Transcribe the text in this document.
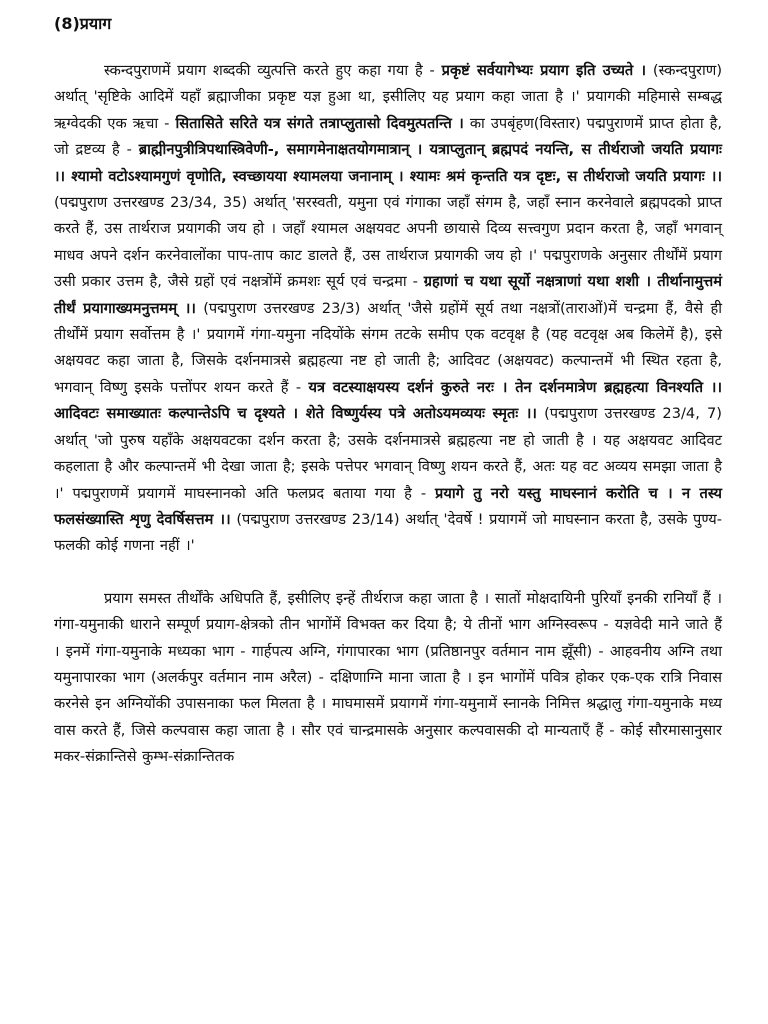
(8)प्रयाग

स्कन्दपुराणमें प्रयाग शब्दकी व्युत्पत्ति करते हुए कहा गया है - प्रकृष्टं सर्वयागेभ्यः प्रयाग इति उच्यते । (स्कन्दपुराण) अर्थात् 'सृष्टिके आदिमें यहाँ ब्रह्माजीका प्रकृष्ट यज्ञ हुआ था, इसीलिए यह प्रयाग कहा जाता है ।' प्रयागकी महिमासे सम्बद्ध ऋग्वेदकी एक ऋचा - सितासिते सरिते यत्र संगते तत्राप्लुतासो दिवमुत्पतन्ति । का उपबृंहण(विस्तार) पद्मपुराणमें प्राप्त होता है, जो द्रष्टव्य है - ब्राह्मीनपुत्रीत्रिपथास्त्रिवेणी-, समागमेनाक्षतयोगमात्रान् । यत्राप्लुतान् ब्रह्मपदं नयन्ति, स तीर्थराजो जयति प्रयागः ।। श्यामो वटोऽश्यामगुणं वृणोति, स्वच्छायया श्यामलया जनानाम् । श्यामः श्रमं कृन्तति यत्र दृष्टः, स तीर्थराजो जयति प्रयागः ।। (पद्मपुराण उत्तरखण्ड 23/34, 35) अर्थात् 'सरस्वती, यमुना एवं गंगाका जहाँ संगम है, जहाँ स्नान करनेवाले ब्रह्मपदको प्राप्त करते हैं, उस तार्थराज प्रयागकी जय हो । जहाँ श्यामल अक्षयवट अपनी छायासे दिव्य सत्त्वगुण प्रदान करता है, जहाँ भगवान् माधव अपने दर्शन करनेवालोंका पाप-ताप काट डालते हैं, उस तार्थराज प्रयागकी जय हो ।' पद्मपुराणके अनुसार तीर्थोंमें प्रयाग उसी प्रकार उत्तम है, जैसे ग्रहों एवं नक्षत्रोंमें क्रमशः सूर्य एवं चन्द्रमा - ग्रहाणां च यथा सूर्यो नक्षत्राणां यथा शशी । तीर्थानामुत्तमं तीर्थं प्रयागाख्यमनुत्तमम् ।। (पद्मपुराण उत्तरखण्ड 23/3) अर्थात् 'जैसे ग्रहोंमें सूर्य तथा नक्षत्रों(ताराओं)में चन्द्रमा हैं, वैसे ही तीर्थोंमें प्रयाग सर्वोत्तम है ।' प्रयागमें गंगा-यमुना नदियोंके संगम तटके समीप एक वटवृक्ष है (यह वटवृक्ष अब किलेमें है), इसे अक्षयवट कहा जाता है, जिसके दर्शनमात्रसे ब्रह्महत्या नष्ट हो जाती है; आदिवट (अक्षयवट) कल्पान्तमें भी स्थित रहता है, भगवान् विष्णु इसके पत्तोंपर शयन करते हैं - यत्र वटस्याक्षयस्य दर्शनं कुरुते नरः । तेन दर्शनमात्रेण ब्रह्महत्या विनश्यति ।। आदिवटः समाख्यातः कल्पान्तेऽपि च दृश्यते । शेते विष्णुर्यस्य पत्रे अतोऽयमव्ययः स्मृतः ।। (पद्मपुराण उत्तरखण्ड 23/4, 7) अर्थात् 'जो पुरुष यहाँके अक्षयवटका दर्शन करता है; उसके दर्शनमात्रसे ब्रह्महत्या नष्ट हो जाती है । यह अक्षयवट आदिवट कहलाता है और कल्पान्तमें भी देखा जाता है; इसके पत्तेपर भगवान् विष्णु शयन करते हैं, अतः यह वट अव्यय समझा जाता है ।' पद्मपुराणमें प्रयागमें माघस्नानको अति फलप्रद बताया गया है - प्रयागे तु नरो यस्तु माघस्नानं करोति च । न तस्य फलसंख्यास्ति शृणु देवर्षिसत्तम ।। (पद्मपुराण उत्तरखण्ड 23/14) अर्थात् 'देवर्षे ! प्रयागमें जो माघस्नान करता है, उसके पुण्य-फलकी कोई गणना नहीं ।'

प्रयाग समस्त तीर्थोंके अधिपति हैं, इसीलिए इन्हें तीर्थराज कहा जाता है । सातों मोक्षदायिनी पुरियाँ इनकी रानियाँ हैं । गंगा-यमुनाकी धाराने सम्पूर्ण प्रयाग-क्षेत्रको तीन भागोंमें विभक्त कर दिया है; ये तीनों भाग अग्निस्वरूप - यज्ञवेदी माने जाते हैं । इनमें गंगा-यमुनाके मध्यका भाग - गार्हपत्य अग्नि, गंगापारका भाग (प्रतिष्ठानपुर वर्तमान नाम झूँसी) - आहवनीय अग्नि तथा यमुनापारका भाग (अलर्कपुर वर्तमान नाम अरैल) - दक्षिणाग्नि माना जाता है । इन भागोंमें पवित्र होकर एक-एक रात्रि निवास करनेसे इन अग्नियोंकी उपासनाका फल मिलता है । माघमासमें प्रयागमें गंगा-यमुनामें स्नानके निमित्त श्रद्धालु गंगा-यमुनाके मध्य वास करते हैं, जिसे कल्पवास कहा जाता है । सौर एवं चान्द्रमासके अनुसार कल्पवासकी दो मान्यताएँ हैं - कोई सौरमासानुसार मकर-संक्रान्तिसे कुम्भ-संक्रान्तितक
